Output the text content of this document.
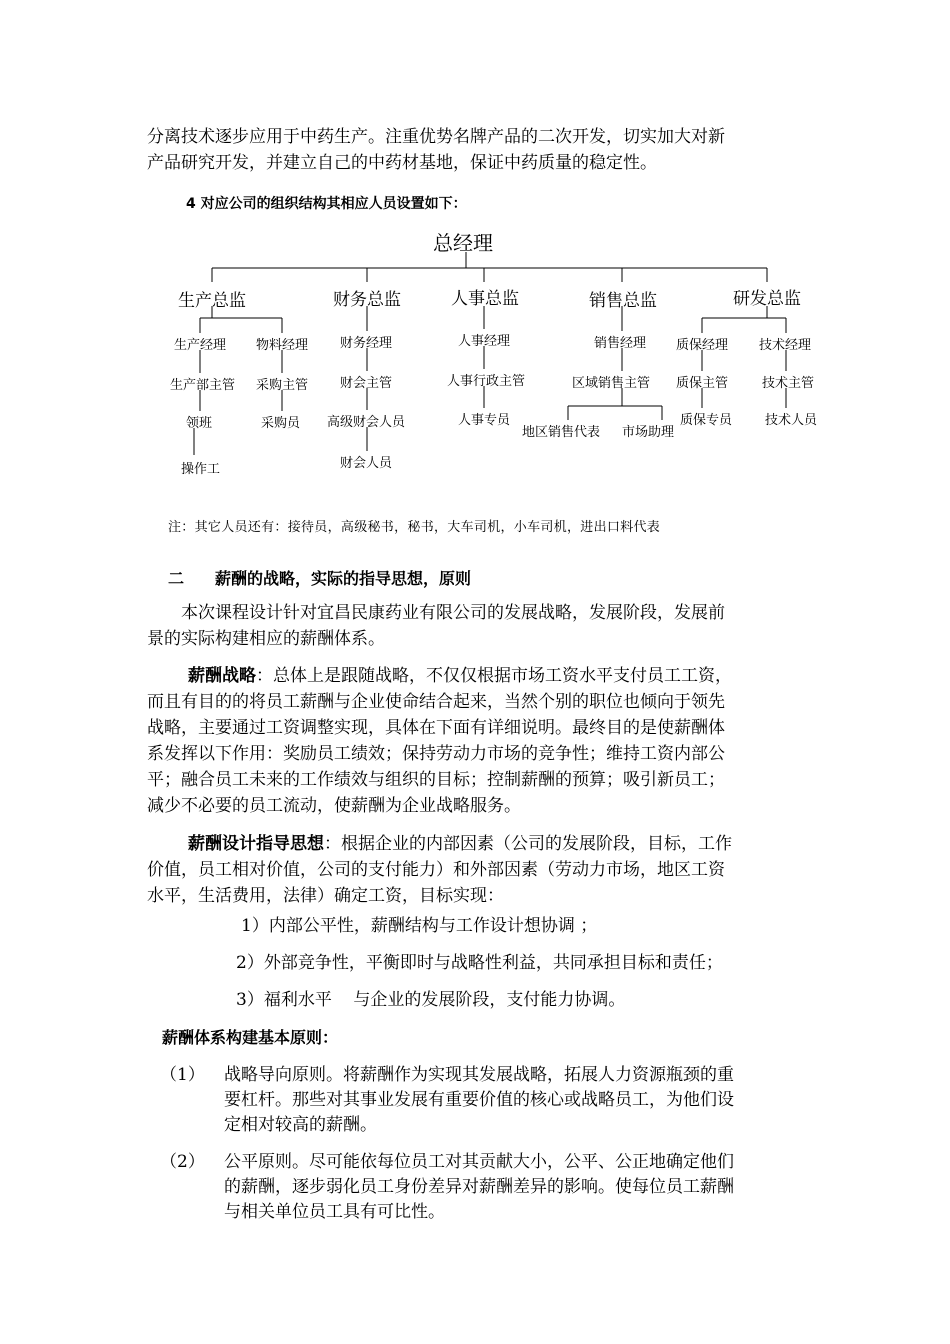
分离技术逐步应用于中药生产。注重优势名牌产品的二次开发，切实加大对新
产品研究开发，并建立自己的中药材基地，保证中药质量的稳定性。
4 对应公司的组织结构其相应人员设置如下：
总经理
生产总监	财务总监	人事总监	销售总监	研发总监
生产经理
生产部主管
领班
操作工
物料经理
采购主管
采购员
财务经理
财会主管
高级财会人员
财会人员
人事经理
人事行政主管
人事专员
销售经理
区域销售主管
地区销售代表 市场助理
质保经理
质保主管
质保专员
技术经理
技术主管
技术人员
注：其它人员还有：接待员，高级秘书，秘书，大车司机，小车司机，进出口料代表
二 薪酬的战略，实际的指导思想，原则
本次课程设计针对宜昌民康药业有限公司的发展战略，发展阶段，发展前
景的实际构建相应的薪酬体系。
薪酬战略：总体上是跟随战略，不仅仅根据市场工资水平支付员工工资，
而且有目的的将员工薪酬与企业使命结合起来，当然个别的职位也倾向于领先
战略，主要通过工资调整实现，具体在下面有详细说明。最终目的是使薪酬体
系发挥以下作用：奖励员工绩效；保持劳动力市场的竞争性；维持工资内部公
平；融合员工未来的工作绩效与组织的目标；控制薪酬的预算；吸引新员工；
减少不必要的员工流动，使薪酬为企业战略服务。
薪酬设计指导思想：根据企业的内部因素（公司的发展阶段，目标，工作
价值，员工相对价值，公司的支付能力）和外部因素（劳动力市场，地区工资
水平，生活费用，法律）确定工资，目标实现：
1）内部公平性，薪酬结构与工作设计想协调 ；
2）外部竞争性，平衡即时与战略性利益，共同承担目标和责任；
3）福利水平    与企业的发展阶段，支付能力协调。
薪酬体系构建基本原则：
（1） 战略导向原则。将薪酬作为实现其发展战略，拓展人力资源瓶颈的重
要杠杆。那些对其事业发展有重要价值的核心或战略员工，为他们设
定相对较高的薪酬。
（2） 公平原则。尽可能依每位员工对其贡献大小，公平、公正地确定他们
的薪酬，逐步弱化员工身份差异对薪酬差异的影响。使每位员工薪酬
与相关单位员工具有可比性。
